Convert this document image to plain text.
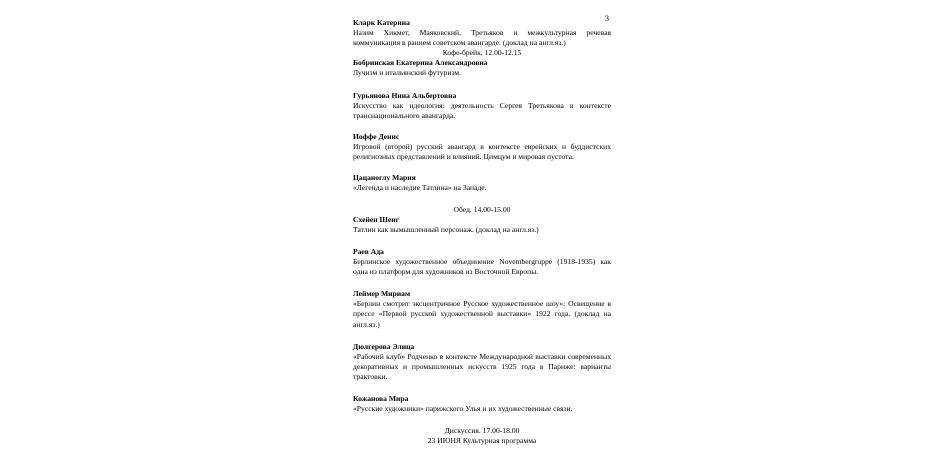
3

Кларк Катерина

Назим Хикмет, Маяковский, Третьяков и межкультурная речевая коммуникация в раннем советском авангарде. (доклад на англ.яз.)

Кофе-брейк, 12.00-12.15

Бобринская Екатерина Александровна

Лучизм и итальянский футуризм.

Гурьянова Нина Альбертовна

Искусство как идеология: деятельность Сергея Третьякова в контексте транснационального авангарда.

Иоффе Денис

Игровой (второй) русский авангард в контексте еврейских и буддистских религиозных представлений и влияний. Цимцум и мировая пустота.

Цацаноглу Мария

«Легенда и наследие Татлина» на Западе.

Обед. 14.00-15.00

Схейен Шенг

Татлин как вымышленный персонаж. (доклад на англ.яз.)

Раев Ада

Берлинское художественное объединение Novembergruppe (1918-1935) как одна из платформ для художников из Восточной Европы.

Леймер Мириам

«Берлин смотрит эксцентричное Русское художественное шоу»: Освещение в прессе «Первой русской художественной выставки» 1922 года. (доклад на англ.яз.)

Дюлгерова Элица

«Рабочий клуб» Родченко в контексте Международной выставки современных декоративных и промышленных искусств 1925 года в Париже: варианты трактовки.

Кожанова Мира

«Русские художники» парижского Улья и их художественные связи.

Дискуссия. 17.00-18.00

23 ИЮНЯ Культурная программа
